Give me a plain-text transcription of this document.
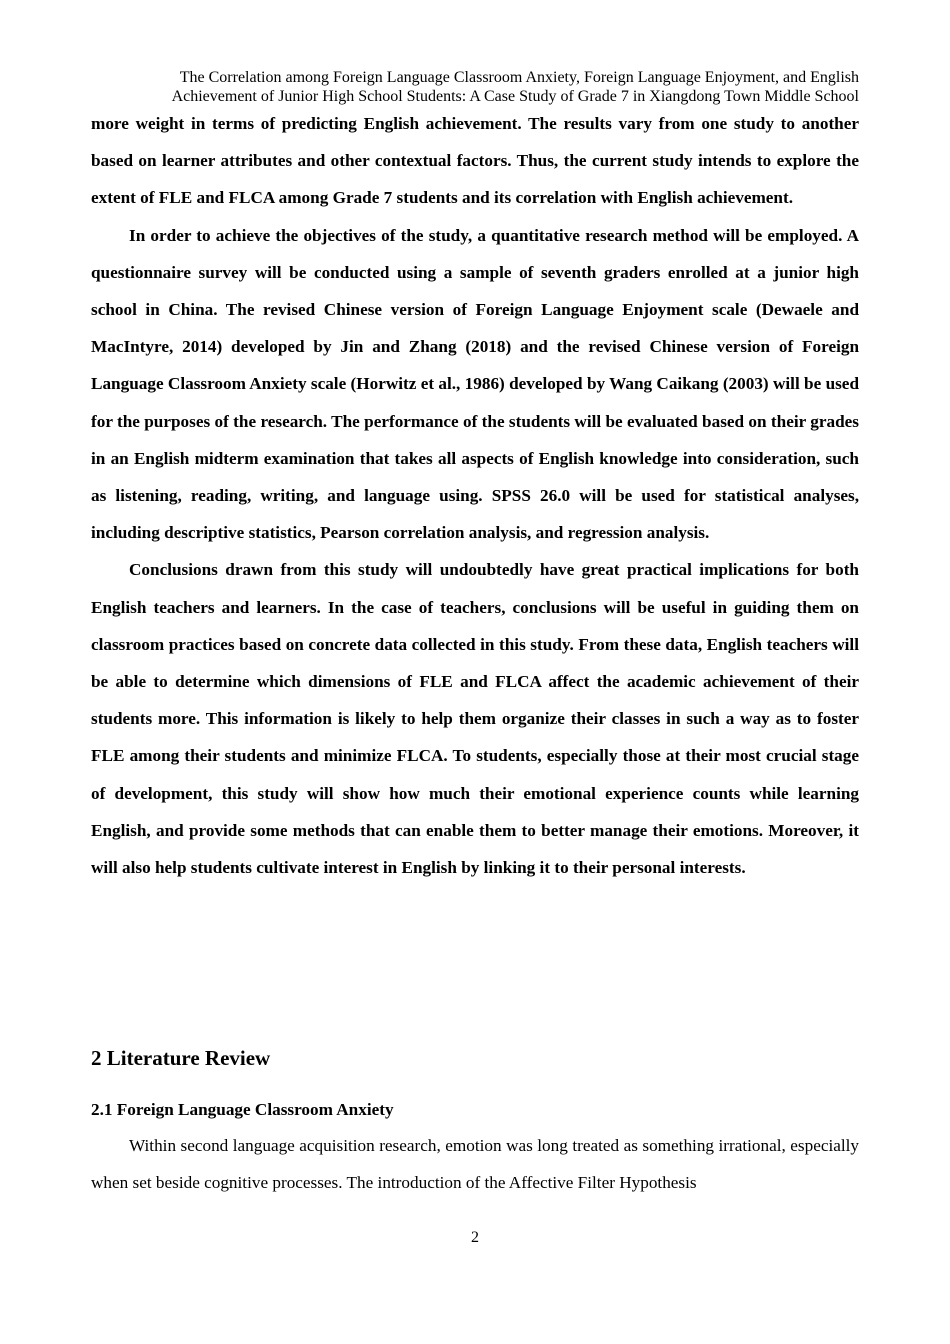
The Correlation among Foreign Language Classroom Anxiety, Foreign Language Enjoyment, and English
Achievement of Junior High School Students: A Case Study of Grade 7 in Xiangdong Town Middle School

more weight in terms of predicting English achievement. The results vary from one study to another based on learner attributes and other contextual factors. Thus, the current study intends to explore the extent of FLE and FLCA among Grade 7 students and its correlation with English achievement.

In order to achieve the objectives of the study, a quantitative research method will be employed. A questionnaire survey will be conducted using a sample of seventh graders enrolled at a junior high school in China. The revised Chinese version of Foreign Language Enjoyment scale (Dewaele and MacIntyre, 2014) developed by Jin and Zhang (2018) and the revised Chinese version of Foreign Language Classroom Anxiety scale (Horwitz et al., 1986) developed by Wang Caikang (2003) will be used for the purposes of the research. The performance of the students will be evaluated based on their grades in an English midterm examination that takes all aspects of English knowledge into consideration, such as listening, reading, writing, and language using. SPSS 26.0 will be used for statistical analyses, including descriptive statistics, Pearson correlation analysis, and regression analysis.

Conclusions drawn from this study will undoubtedly have great practical implications for both English teachers and learners. In the case of teachers, conclusions will be useful in guiding them on classroom practices based on concrete data collected in this study. From these data, English teachers will be able to determine which dimensions of FLE and FLCA affect the academic achievement of their students more. This information is likely to help them organize their classes in such a way as to foster FLE among their students and minimize FLCA. To students, especially those at their most crucial stage of development, this study will show how much their emotional experience counts while learning English, and provide some methods that can enable them to better manage their emotions. Moreover, it will also help students cultivate interest in English by linking it to their personal interests.

2 Literature Review
2.1 Foreign Language Classroom Anxiety

Within second language acquisition research, emotion was long treated as something irrational, especially when set beside cognitive processes. The introduction of the Affective Filter Hypothesis

2
